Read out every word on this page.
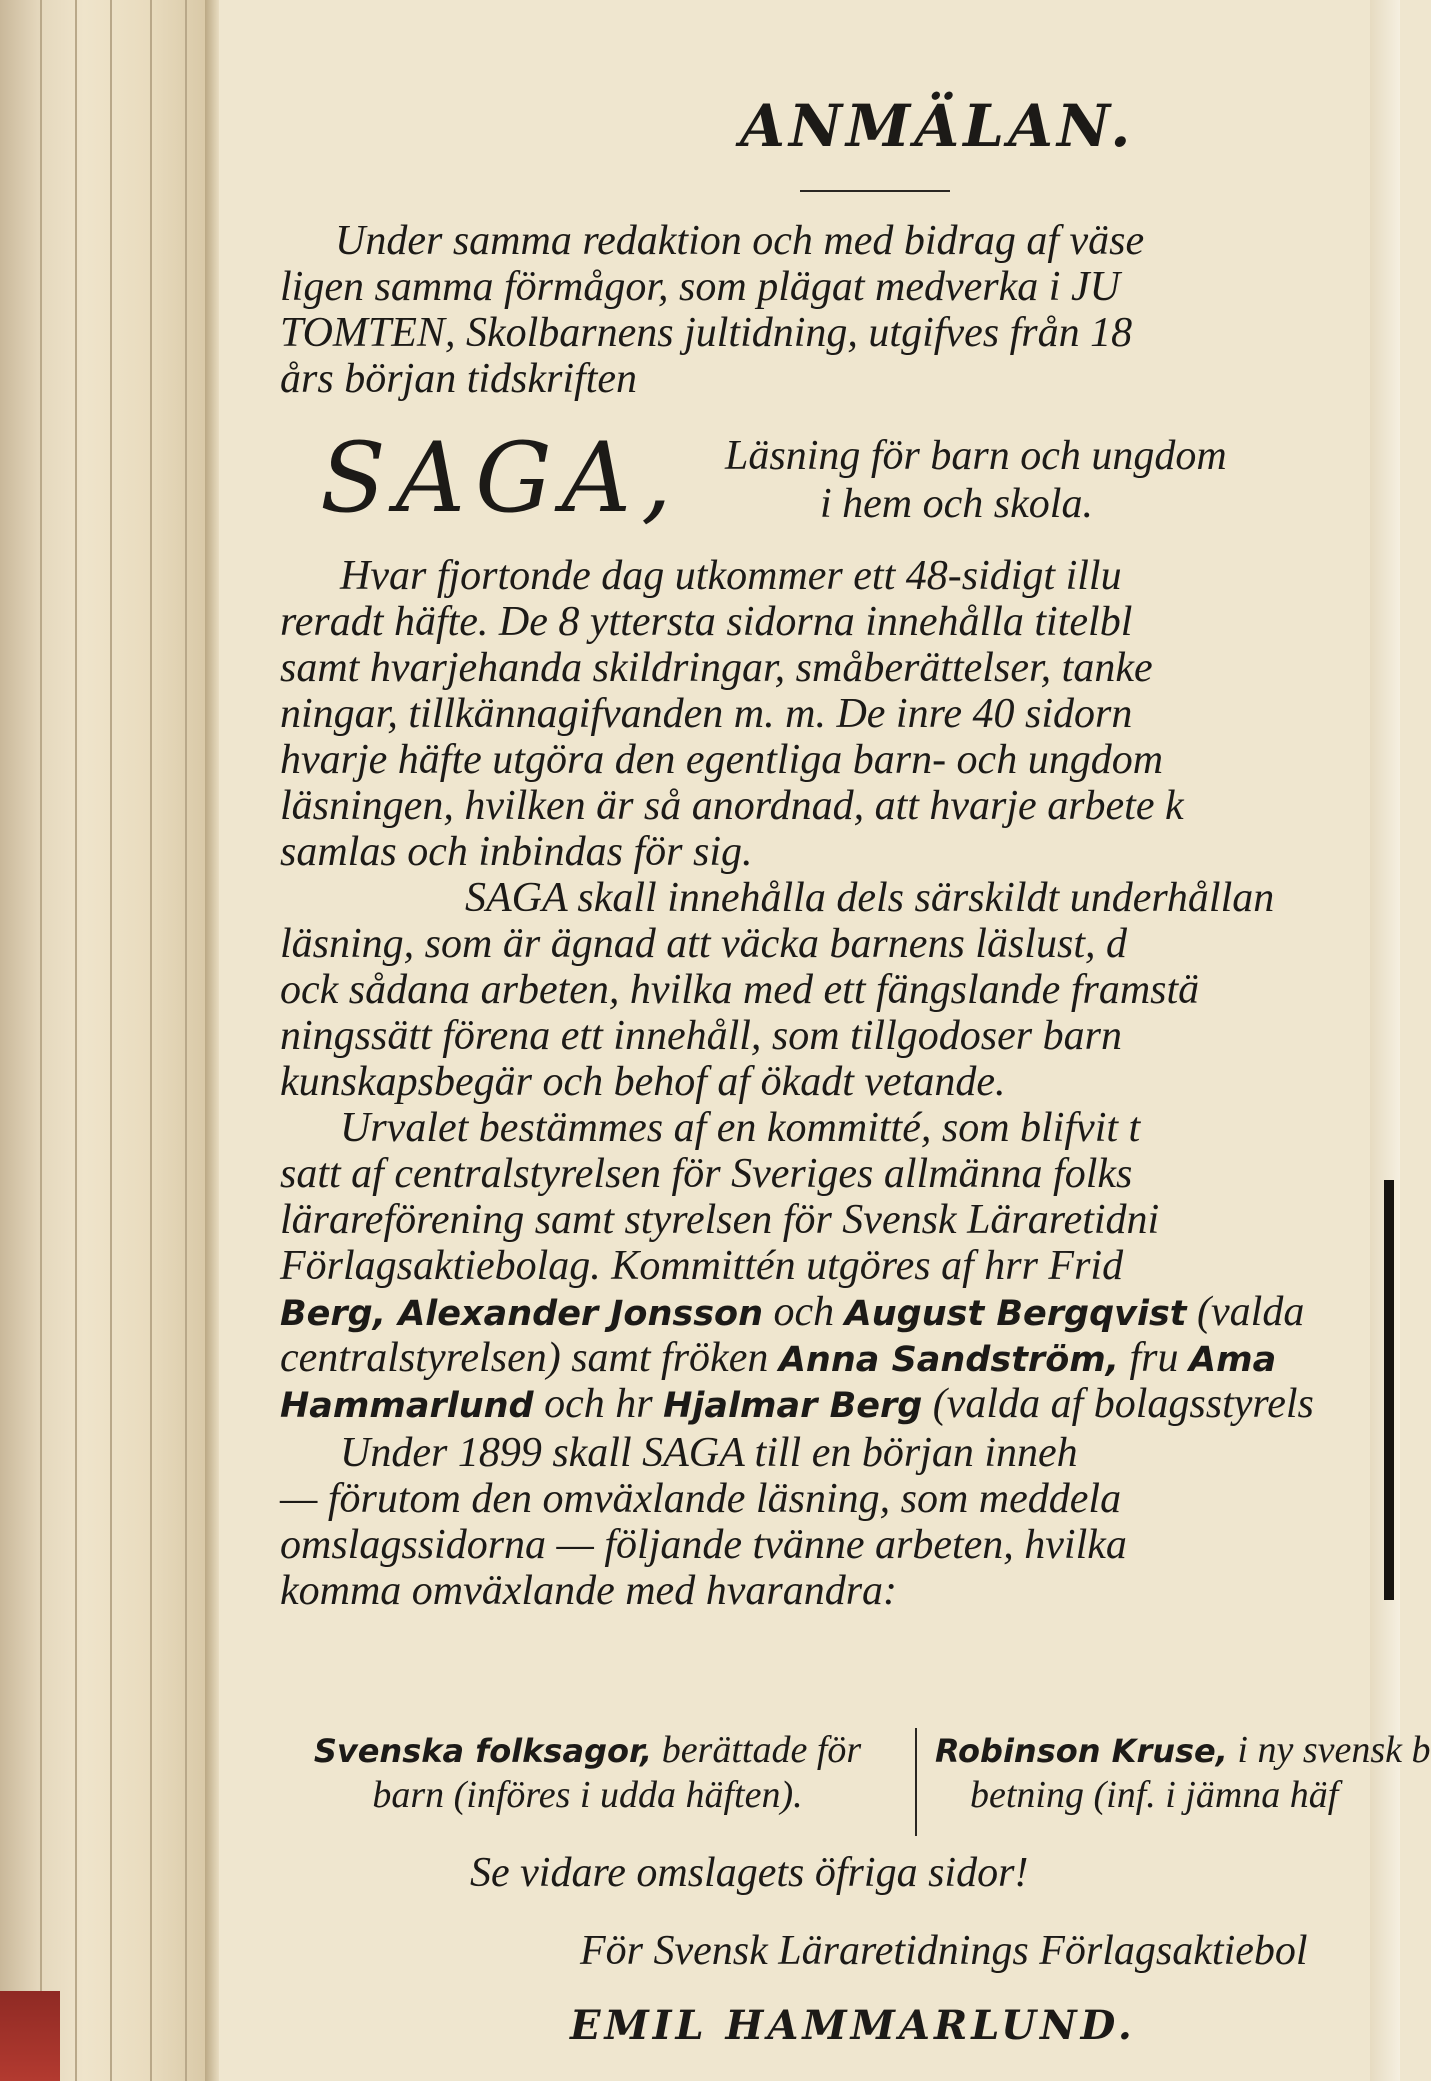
ANMÄLAN.
Under samma redaktion och med bidrag af väse
ligen samma förmågor, som plägat medverka i JU
TOMTEN, Skolbarnens jultidning, utgifves från 18
års början tidskriften
SAGA, Läsning för barn och ungdom
i hem och skola.
Hvar fjortonde dag utkommer ett 48-sidigt illu
reradt häfte. De 8 yttersta sidorna innehålla titelbl
samt hvarjehanda skildringar, småberättelser, tanke
ningar, tillkännagifvanden m. m. De inre 40 sidorn
hvarje häfte utgöra den egentliga barn- och ungdom
läsningen, hvilken är så anordnad, att hvarje arbete k
samlas och inbindas för sig.
SAGA skall innehålla dels särskildt underhållan
läsning, som är ägnad att väcka barnens läslust, d
ock sådana arbeten, hvilka med ett fängslande framstä
ningssätt förena ett innehåll, som tillgodoser barn
kunskapsbegär och behof af ökadt vetande.
Urvalet bestämmes af en kommitté, som blifvit t
satt af centralstyrelsen för Sveriges allmänna folks
lärareförening samt styrelsen för Svensk Läraretidni
Förlagsaktiebolag. Kommittén utgöres af hrr Frid
Berg, Alexander Jonsson och August Bergqvist (valda
centralstyrelsen) samt fröken Anna Sandström, fru Ama
Hammarlund och hr Hjalmar Berg (valda af bolagsstyrels
Under 1899 skall SAGA till en början inneh
— förutom den omväxlande läsning, som meddela
omslagssidorna — följande tvänne arbeten, hvilka
komma omväxlande med hvarandra:
Svenska folksagor, berättade för
barn (införes i udda häften).
Robinson Kruse, i ny svensk b
betning (inf. i jämna häf
Se vidare omslagets öfriga sidor!
För Svensk Läraretidnings Förlagsaktiebol
EMIL HAMMARLUND.
